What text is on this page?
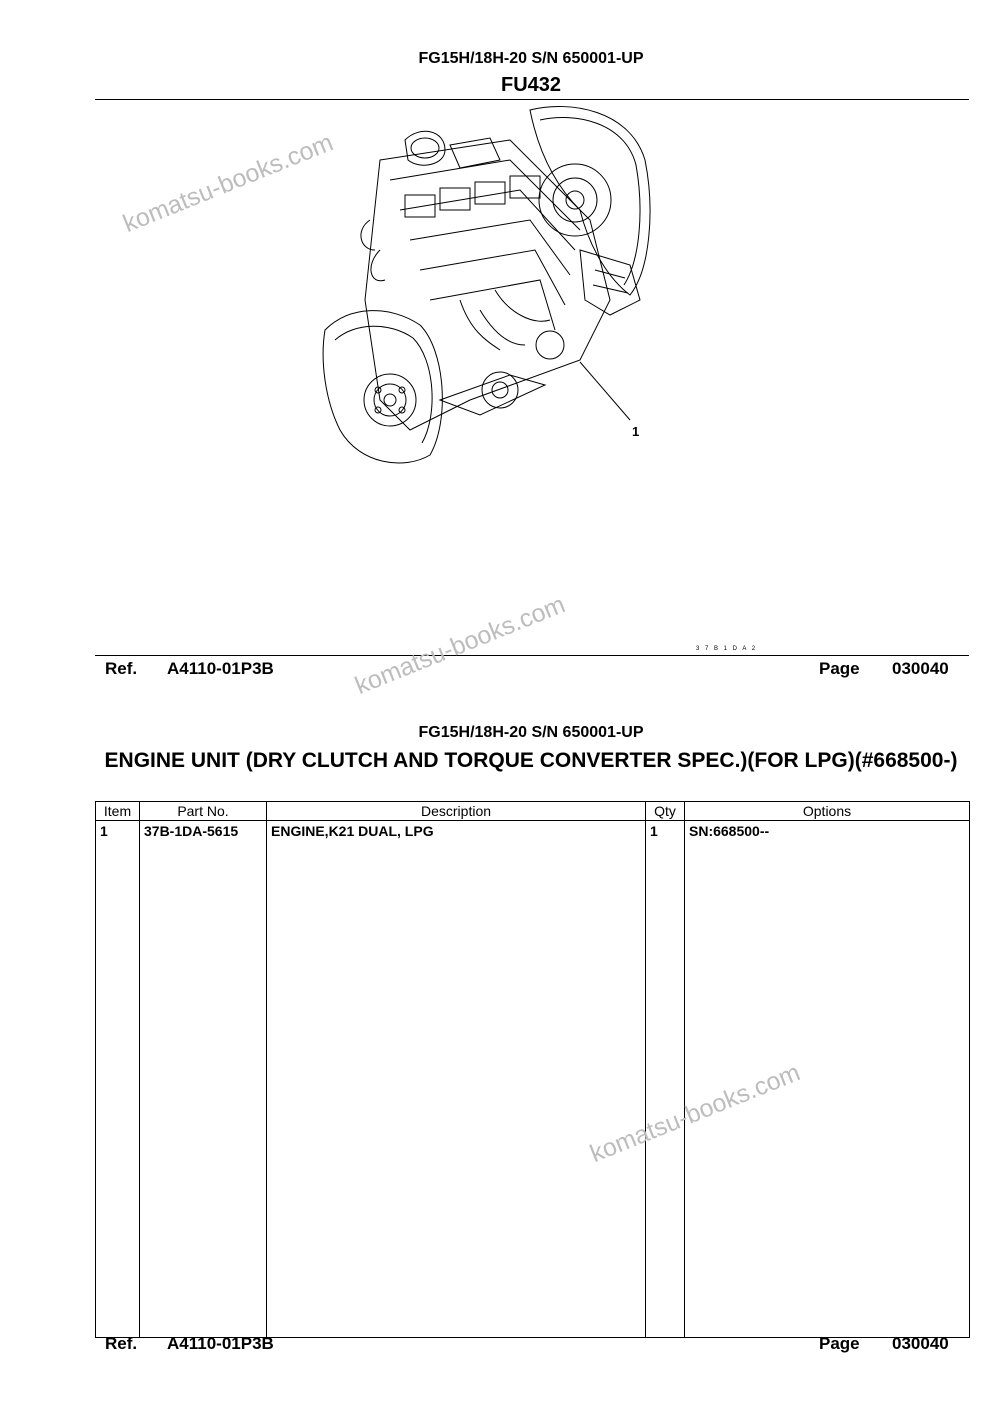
FG15H/18H-20 S/N 650001-UP
FU432
1
3 7 B 1 D A 2
Ref. A4110-01P3B	Page 030040
FG15H/18H-20 S/N 650001-UP
ENGINE UNIT (DRY CLUTCH AND TORQUE CONVERTER SPEC.)(FOR LPG)(#668500-)
Item	Part No.	Description	Qty	Options
1	37B-1DA-5615	ENGINE,K21 DUAL, LPG	1	SN:668500--

Ref. A4110-01P3B	Page 030040
komatsu-books.com
komatsu-books.com
komatsu-books.com
